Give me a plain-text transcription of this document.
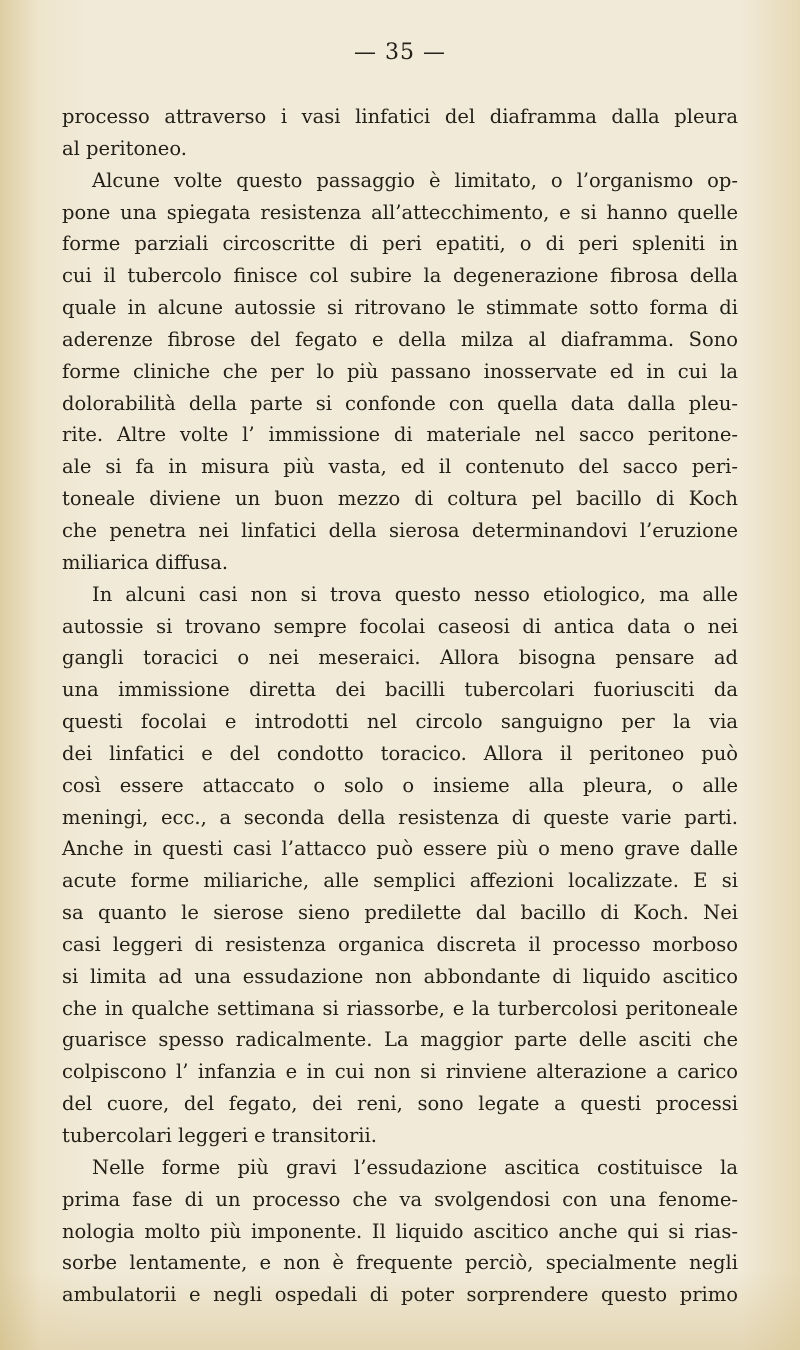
— 35 —
processo attraverso i vasi linfatici del diaframma dalla pleura
al peritoneo.
Alcune volte questo passaggio è limitato, o l’organismo op-
pone una spiegata resistenza all’attecchimento, e si hanno quelle
forme parziali circoscritte di peri epatiti, o di peri spleniti in
cui il tubercolo finisce col subire la degenerazione fibrosa della
quale in alcune autossie si ritrovano le stimmate sotto forma di
aderenze fibrose del fegato e della milza al diaframma. Sono
forme cliniche che per lo più passano inosservate ed in cui la
dolorabilità della parte si confonde con quella data dalla pleu-
rite. Altre volte l’ immissione di materiale nel sacco peritone-
ale si fa in misura più vasta, ed il contenuto del sacco peri-
toneale diviene un buon mezzo di coltura pel bacillo di Koch
che penetra nei linfatici della sierosa determinandovi l’eruzione
miliarica diffusa.
In alcuni casi non si trova questo nesso etiologico, ma alle
autossie si trovano sempre focolai caseosi di antica data o nei
gangli toracici o nei meseraici. Allora bisogna pensare ad
una immissione diretta dei bacilli tubercolari fuoriusciti da
questi focolai e introdotti nel circolo sanguigno per la via
dei linfatici e del condotto toracico. Allora il peritoneo può
così essere attaccato o solo o insieme alla pleura, o alle
meningi, ecc., a seconda della resistenza di queste varie parti.
Anche in questi casi l’attacco può essere più o meno grave dalle
acute forme miliariche, alle semplici affezioni localizzate. E si
sa quanto le sierose sieno predilette dal bacillo di Koch. Nei
casi leggeri di resistenza organica discreta il processo morboso
si limita ad una essudazione non abbondante di liquido ascitico
che in qualche settimana si riassorbe, e la turbercolosi peritoneale
guarisce spesso radicalmente. La maggior parte delle asciti che
colpiscono l’ infanzia e in cui non si rinviene alterazione a carico
del cuore, del fegato, dei reni, sono legate a questi processi
tubercolari leggeri e transitorii.
Nelle forme più gravi l’essudazione ascitica costituisce la
prima fase di un processo che va svolgendosi con una fenome-
nologia molto più imponente. Il liquido ascitico anche qui si rias-
sorbe lentamente, e non è frequente perciò, specialmente negli
ambulatorii e negli ospedali di poter sorprendere questo primo
